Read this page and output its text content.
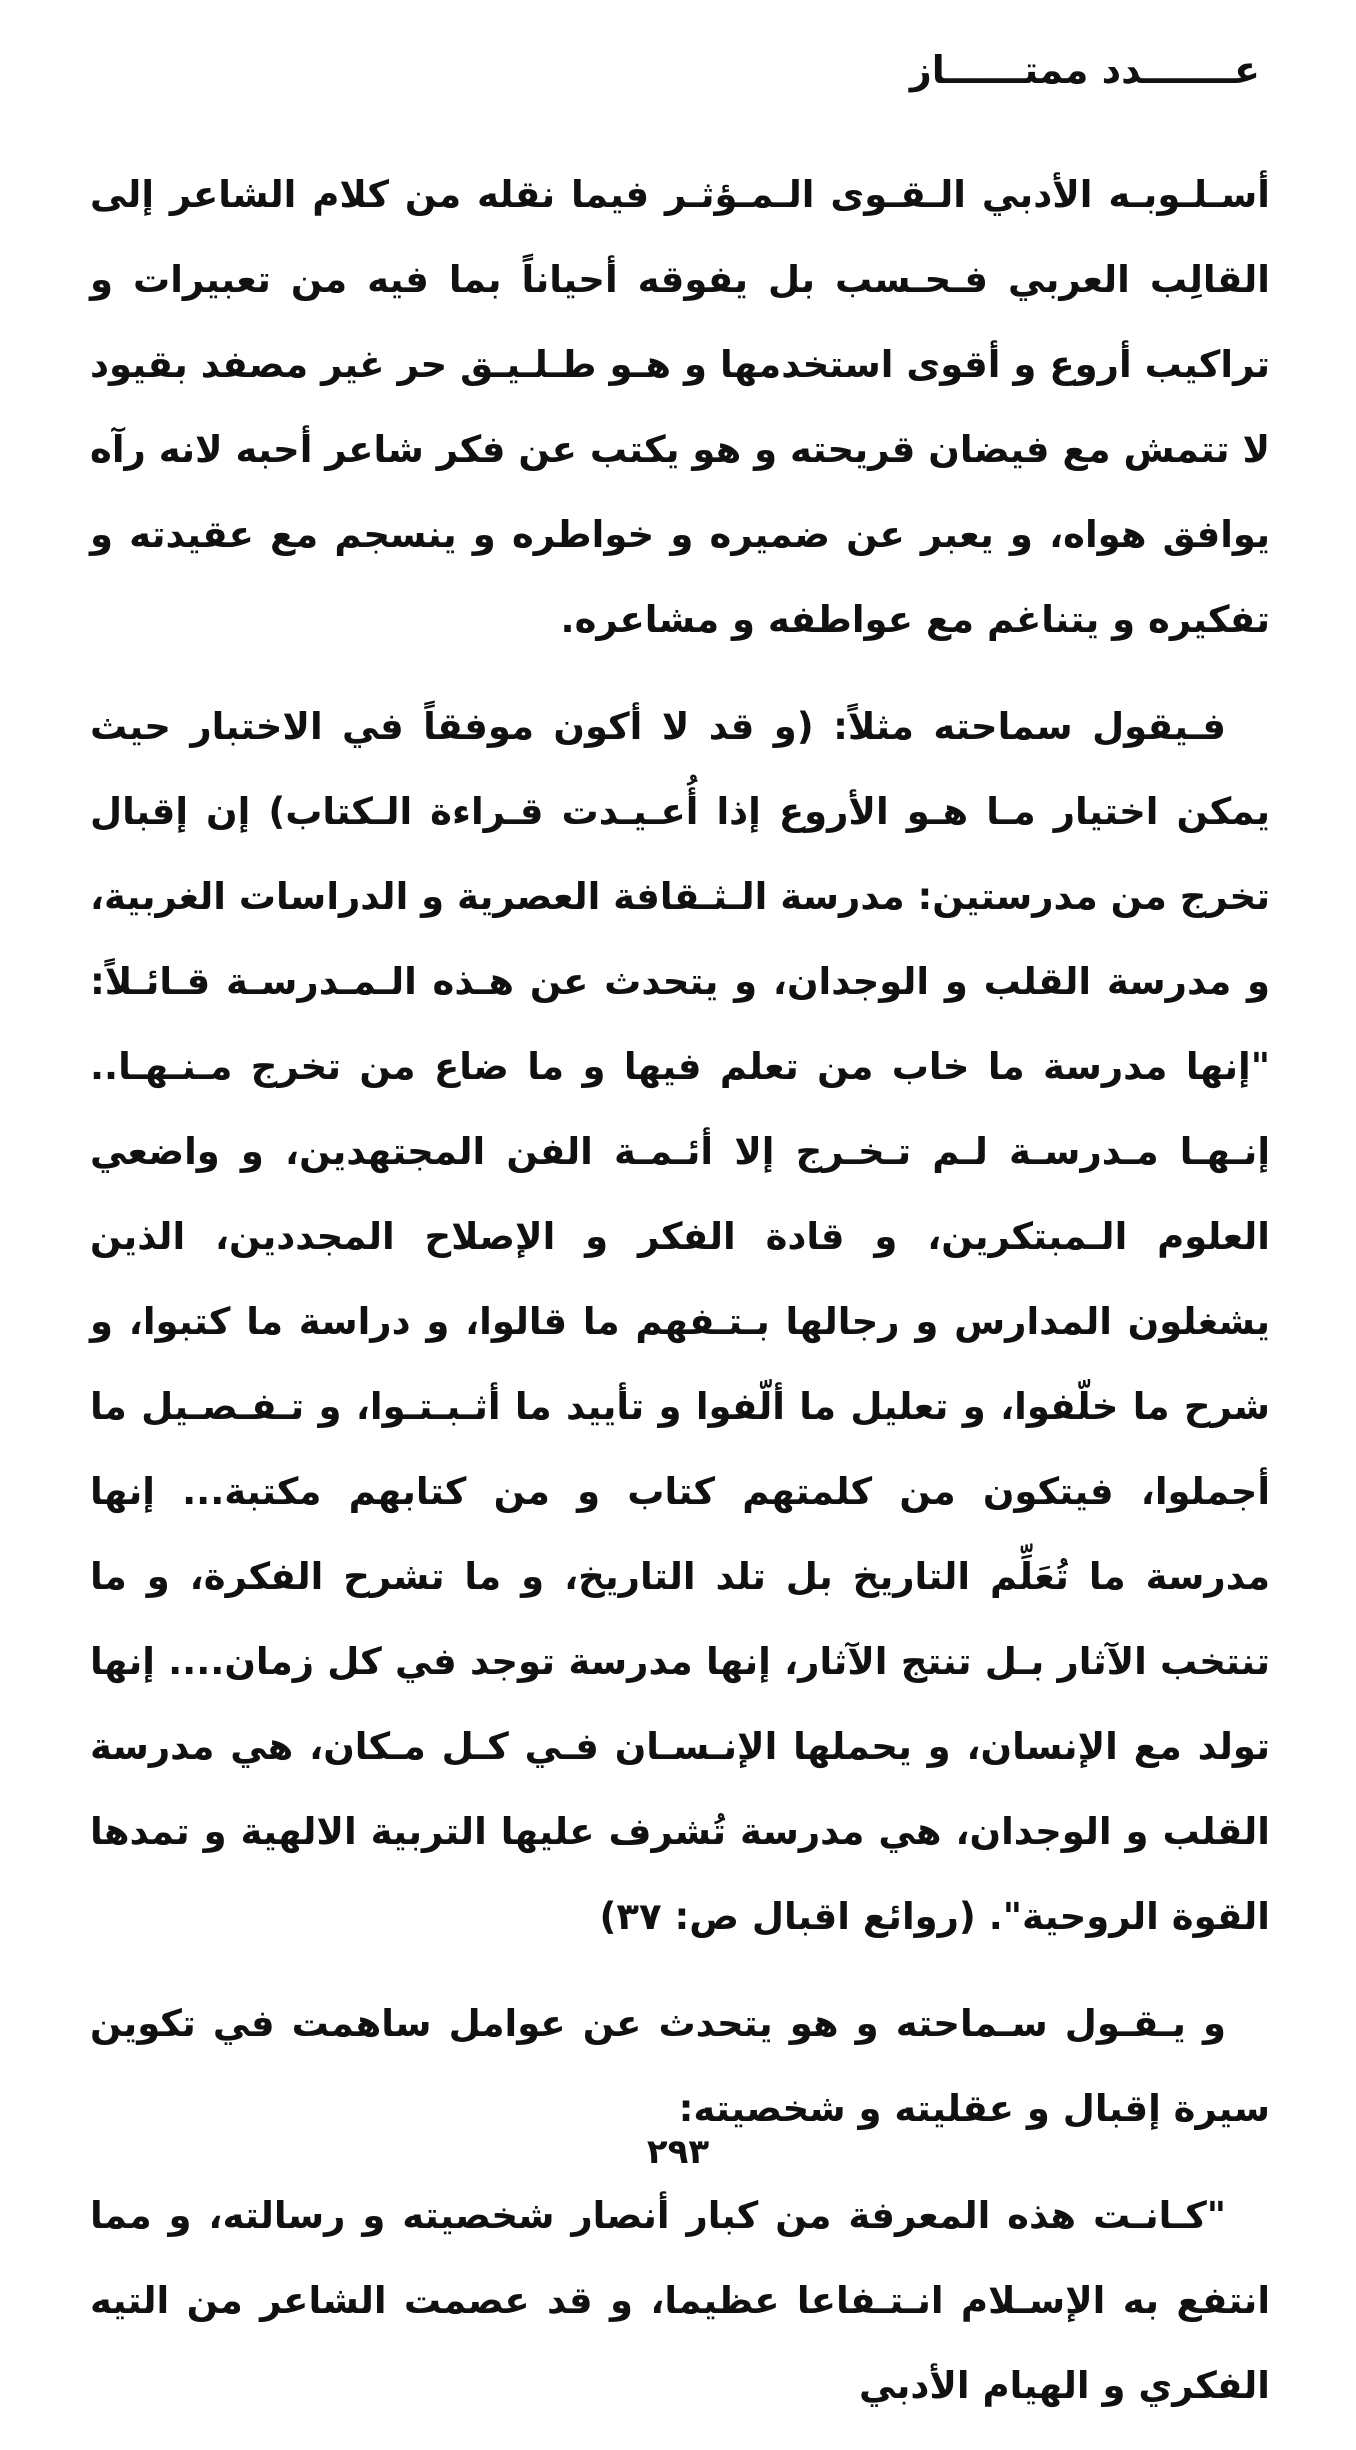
عـــــــدد ممتــــــاز

أسـلـوبـه الأدبي الـقـوى الـمـؤثـر فيما نقله من كلام الشاعر إلى القالِب العربي فـحـسب بل يفوقه أحياناً بما فيه من تعبيرات و تراكيب أروع و أقوى استخدمها و هـو طـلـيـق حر غير مصفد بقيود لا تتمش مع فيضان قريحته و هو يكتب عن فكر شاعر أحبه لانه رآه يوافق هواه، و يعبر عن ضميره و خواطره و ينسجم مع عقيدته و تفكيره و يتناغم مع عواطفه و مشاعره.

فـيقول سماحته مثلاً: (و قد لا أكون موفقاً في الاختبار حيث يمكن اختيار مـا هـو الأروع إذا أُعـيـدت قـراءة الـكتاب) إن إقبال تخرج من مدرستين: مدرسة الـثـقافة العصرية و الدراسات الغربية، و مدرسة القلب و الوجدان، و يتحدث عن هـذه الـمـدرسـة قـائـلاً: "إنها مدرسة ما خاب من تعلم فيها و ما ضاع من تخرج مـنـهـا.. إنـهـا مـدرسـة لـم تـخـرج إلا أئـمـة الفن المجتهدين، و واضعي العلوم الـمبتكرين، و قادة الفكر و الإصلاح المجددين، الذين يشغلون المدارس و رجالها بـتـفهم ما قالوا، و دراسة ما كتبوا، و شرح ما خلّفوا، و تعليل ما ألّفوا و تأييد ما أثـبـتـوا، و تـفـصـيل ما أجملوا، فيتكون من كلمتهم كتاب و من كتابهم مكتبة... إنها مدرسة ما تُعَلِّم التاريخ بل تلد التاريخ، و ما تشرح الفكرة، و ما تنتخب الآثار بـل تنتج الآثار، إنها مدرسة توجد في كل زمان.... إنها تولد مع الإنسان، و يحملها الإنـسـان فـي كـل مـكان، هي مدرسة القلب و الوجدان، هي مدرسة تُشرف عليها التربية الالهية و تمدها القوة الروحية". (روائع اقبال ص: ٣٧)

و يـقـول سـماحته و هو يتحدث عن عوامل ساهمت في تكوين سيرة إقبال و عقليته و شخصيته:

"كـانـت هذه المعرفة من كبار أنصار شخصيته و رسالته، و مما انتفع به الإسـلام انـتـفاعا عظيما، و قد عصمت الشاعر من التيه الفكري و الهيام الأدبي

٢٩٣
